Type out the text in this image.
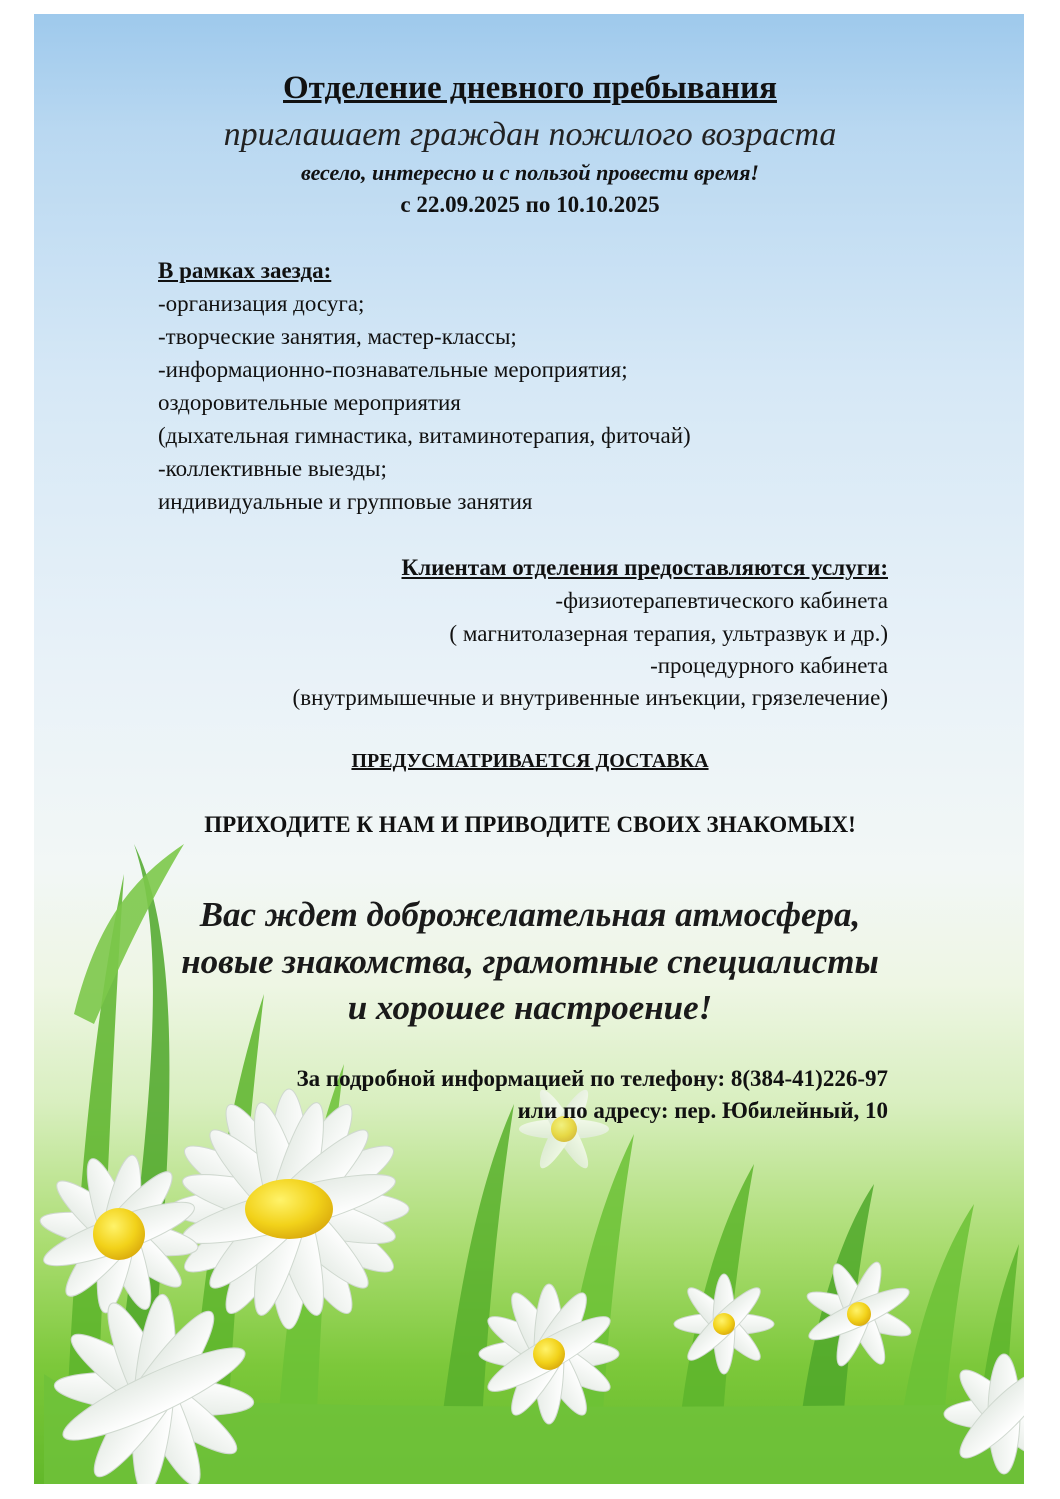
Отделение дневного пребывания
приглашает граждан пожилого возраста
весело, интересно и с пользой провести время!
с 22.09.2025 по 10.10.2025
В рамках заезда:
-организация досуга;
-творческие занятия, мастер-классы;
-информационно-познавательные мероприятия;
оздоровительные мероприятия
(дыхательная гимнастика, витаминотерапия, фиточай)
-коллективные выезды;
индивидуальные и групповые занятия
Клиентам отделения предоставляются услуги:
-физиотерапевтического кабинета
( магнитолазерная терапия, ультразвук и др.)
-процедурного кабинета
(внутримышечные и внутривенные инъекции, грязелечение)
ПРЕДУСМАТРИВАЕТСЯ ДОСТАВКА
ПРИХОДИТЕ К НАМ И ПРИВОДИТЕ СВОИХ ЗНАКОМЫХ!
Вас ждет доброжелательная атмосфера,
новые знакомства, грамотные специалисты
и хорошее настроение!
За подробной информацией по телефону: 8(384-41)226-97
или по адресу: пер. Юбилейный, 10
